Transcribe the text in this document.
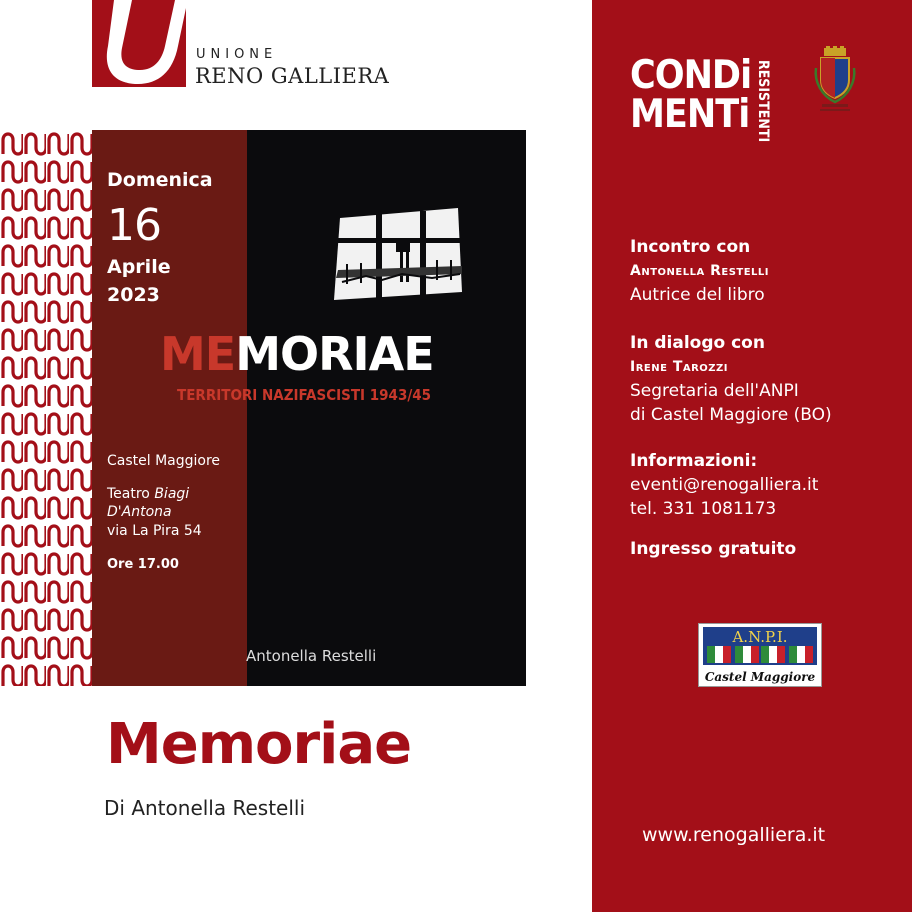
UNIONE
RENO GALLIERA
Domenica
16
Aprile
2023
MEMORIAE
TERRITORI NAZIFASCISTI 1943/45
Castel Maggiore
Teatro Biagi
D'Antona
via La Pira 54
Ore 17.00
Antonella Restelli
Memoriae
Di Antonella Restelli
CONDi
MENTi RESISTENTI
Incontro con
Antonella Restelli
Autrice del libro
In dialogo con
Irene Tarozzi
Segretaria dell'ANPI
di Castel Maggiore (BO)
Informazioni:
eventi@renogalliera.it
tel. 331 1081173
Ingresso gratuito
A.N.P.I.
Castel Maggiore
www.renogalliera.it
